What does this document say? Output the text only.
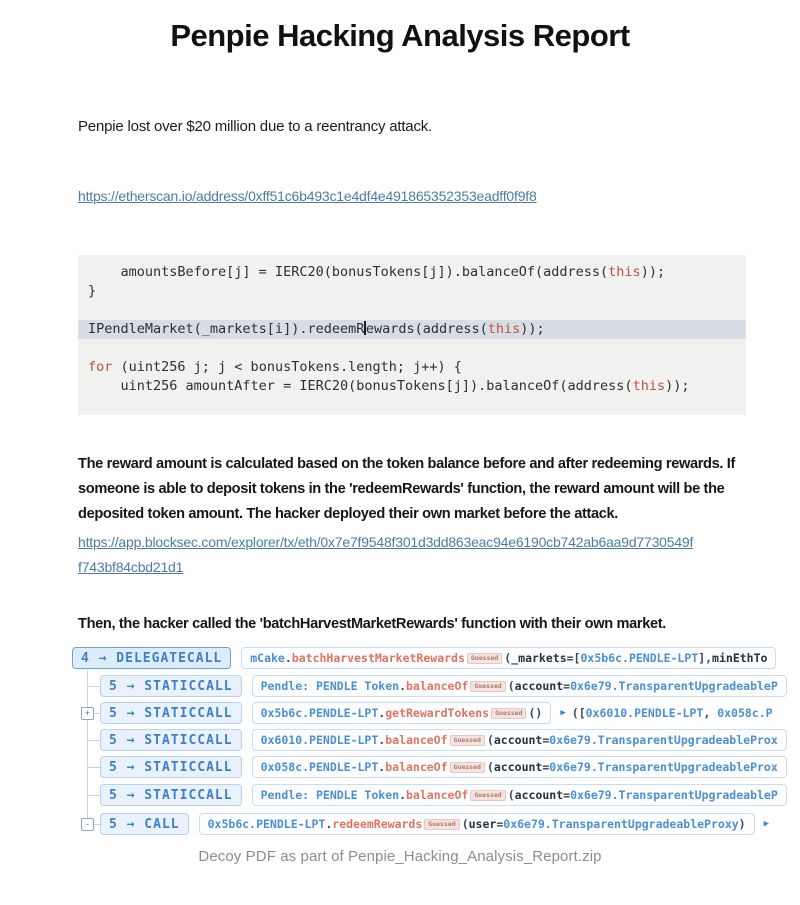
Penpie Hacking Analysis Report
Penpie lost over $20 million due to a reentrancy attack.
https://etherscan.io/address/0xff51c6b493c1e4df4e491865352353eadff0f9f8
amountsBefore[j] = IERC20(bonusTokens[j]).balanceOf(address(this));
}

IPendleMarket(_markets[i]).redeemR ewards(address(this));

for (uint256 j; j < bonusTokens.length; j++) {
uint256 amountAfter = IERC20(bonusTokens[j]).balanceOf(address(this));
The reward amount is calculated based on the token balance before and after redeeming rewards. If
someone is able to deposit tokens in the 'redeemRewards' function, the reward amount will be the
deposited token amount. The hacker deployed their own market before the attack.
https://app.blocksec.com/explorer/tx/eth/0x7e7f9548f301d3dd863eac94e6190cb742ab6aa9d7730549f
f743bf84cbd21d1
Then, the hacker called the 'batchHarvestMarketRewards' function with their own market.
4 → DELEGATECALL	mCake . batchHarvestMarketRewards Guessed ( _markets =[ 0x5b6c.PENDLE-LPT ], minEthTo
5 → STATICCALL	Pendle: PENDLE Token . balanceOf Guessed ( account = 0x6e79.TransparentUpgradeableP
+	5 → STATICCALL	0x5b6c.PENDLE-LPT . getRewardTokens Guessed () ▶ ([0x6010.PENDLE-LPT, 0x058c.P
5 → STATICCALL	0x6010.PENDLE-LPT . balanceOf Guessed ( account = 0x6e79.TransparentUpgradeableProx
5 → STATICCALL	0x058c.PENDLE-LPT . balanceOf Guessed ( account = 0x6e79.TransparentUpgradeableProx
5 → STATICCALL	Pendle: PENDLE Token . balanceOf Guessed ( account = 0x6e79.TransparentUpgradeableP
-	5 → CALL	0x5b6c.PENDLE-LPT . redeemRewards Guessed ( user = 0x6e79.TransparentUpgradeableProxy ) ▶
Decoy PDF as part of Penpie_Hacking_Analysis_Report.zip
